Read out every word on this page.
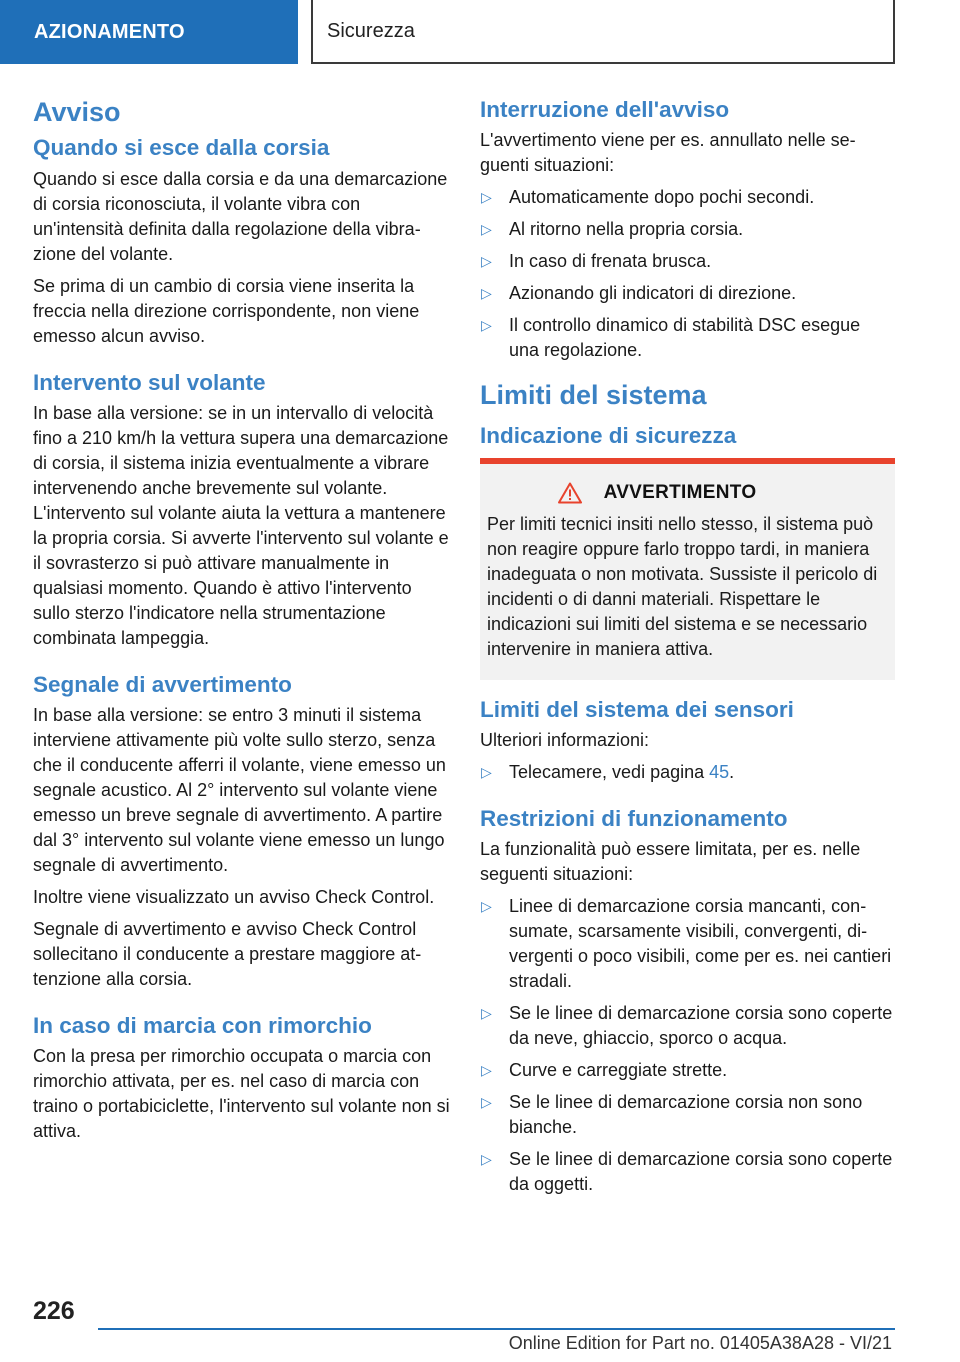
AZIONAMENTO	Sicurezza
Avviso
Quando si esce dalla corsia

Quando si esce dalla corsia e da una demarcazione di corsia riconosciuta, il volante vibra con un'intensità definita dalla regolazione della vibrazione del volante.

Se prima di un cambio di corsia viene inserita la freccia nella direzione corrispondente, non viene emesso alcun avviso.

Intervento sul volante

In base alla versione: se in un intervallo di velocità fino a 210 km/h la vettura supera una demarcazione di corsia, il sistema inizia eventualmente a vibrare intervenendo anche brevemente sul volante. L'intervento sul volante aiuta la vettura a mantenere la propria corsia. Si avverte l'intervento sul volante e il sovrasterzo si può attivare manualmente in qualsiasi momento. Quando è attivo l'intervento sullo sterzo l'indicatore nella strumentazione combinata lampeggia.

Segnale di avvertimento

In base alla versione: se entro 3 minuti il sistema interviene attivamente più volte sullo sterzo, senza che il conducente afferri il volante, viene emesso un segnale acustico. Al 2° intervento sul volante viene emesso un breve segnale di avvertimento. A partire dal 3° intervento sul volante viene emesso un lungo segnale di avvertimento.

Inoltre viene visualizzato un avviso Check Control.

Segnale di avvertimento e avviso Check Control sollecitano il conducente a prestare maggiore attenzione alla corsia.

In caso di marcia con rimorchio

Con la presa per rimorchio occupata o marcia con rimorchio attivata, per es. nel caso di marcia con traino o portabiciclette, l'intervento sul volante non si attiva.

Interruzione dell'avviso

L'avvertimento viene per es. annullato nelle seguenti situazioni:

▷ Automaticamente dopo pochi secondi.
▷ Al ritorno nella propria corsia.
▷ In caso di frenata brusca.
▷ Azionando gli indicatori di direzione.
▷ Il controllo dinamico di stabilità DSC esegue una regolazione.
Limiti del sistema
Indicazione di sicurezza
AVVERTIMENTO

Per limiti tecnici insiti nello stesso, il sistema può non reagire oppure farlo troppo tardi, in maniera inadeguata o non motivata. Sussiste il pericolo di incidenti o di danni materiali. Rispettare le indicazioni sui limiti del sistema e se necessario intervenire in maniera attiva.

Limiti del sistema dei sensori

Ulteriori informazioni:

▷ Telecamere, vedi pagina 45.
Restrizioni di funzionamento

La funzionalità può essere limitata, per es. nelle seguenti situazioni:

▷ Linee di demarcazione corsia mancanti, consumate, scarsamente visibili, convergenti, divergenti o poco visibili, come per es. nei cantieri stradali.
▷ Se le linee di demarcazione corsia sono coperte da neve, ghiaccio, sporco o acqua.
▷ Curve e carreggiate strette.
▷ Se le linee di demarcazione corsia non sono bianche.
▷ Se le linee di demarcazione corsia sono coperte da oggetti.
226
Online Edition for Part no. 01405A38A28 - VI/21
